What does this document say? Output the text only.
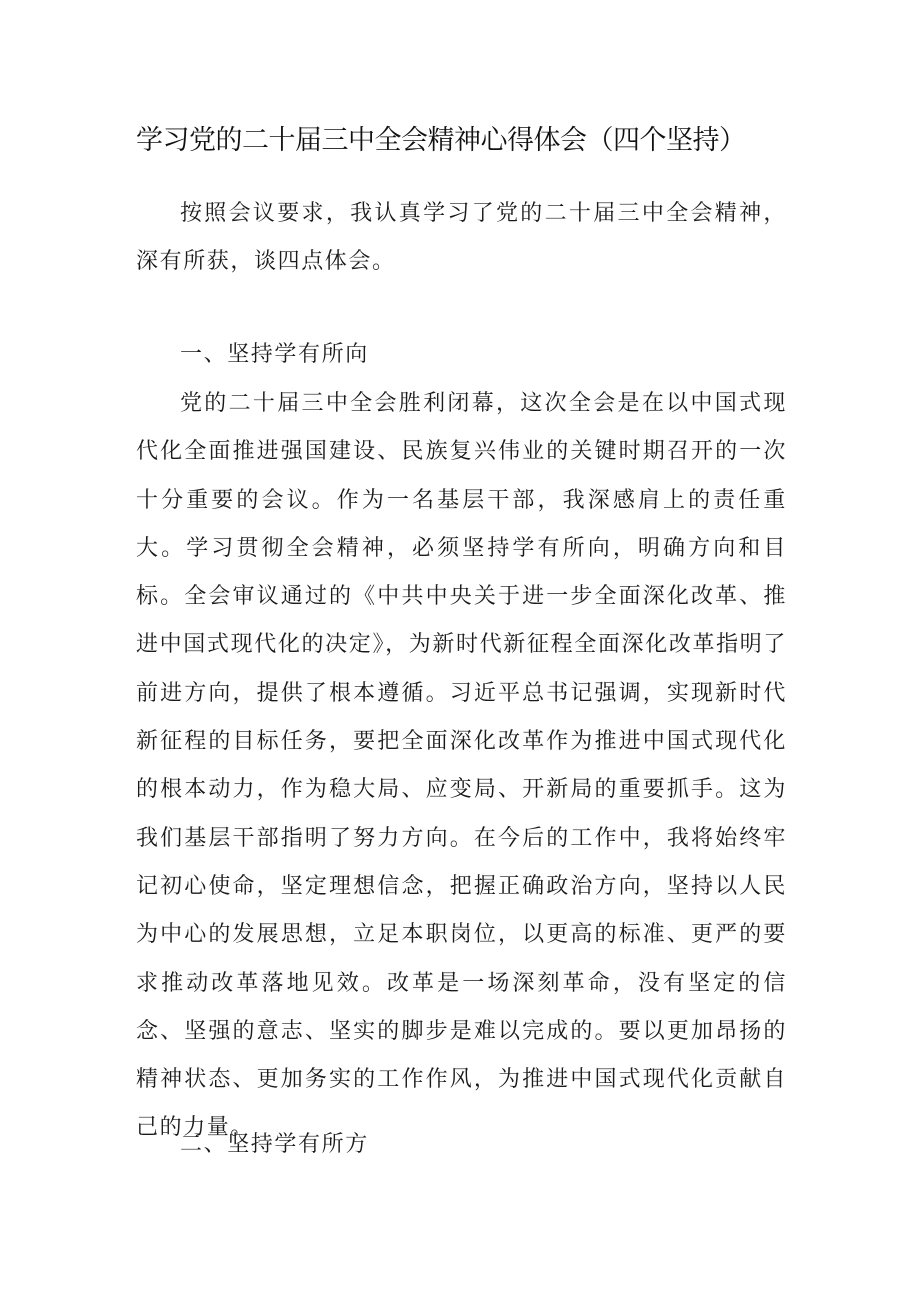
学习党的二十届三中全会精神心得体会（四个坚持）

按照会议要求，我认真学习了党的二十届三中全会精神，深有所获，谈四点体会。

一、坚持学有所向

党的二十届三中全会胜利闭幕，这次全会是在以中国式现代化全面推进强国建设、民族复兴伟业的关键时期召开的一次十分重要的会议。作为一名基层干部，我深感肩上的责任重大。学习贯彻全会精神，必须坚持学有所向，明确方向和目标。全会审议通过的《中共中央关于进一步全面深化改革、推进中国式现代化的决定》，为新时代新征程全面深化改革指明了前进方向，提供了根本遵循。习近平总书记强调，实现新时代新征程的目标任务，要把全面深化改革作为推进中国式现代化的根本动力，作为稳大局、应变局、开新局的重要抓手。这为我们基层干部指明了努力方向。在今后的工作中，我将始终牢记初心使命，坚定理想信念，把握正确政治方向，坚持以人民为中心的发展思想，立足本职岗位，以更高的标准、更严的要求推动改革落地见效。改革是一场深刻革命，没有坚定的信念、坚强的意志、坚实的脚步是难以完成的。要以更加昂扬的精神状态、更加务实的工作作风，为推进中国式现代化贡献自己的力量。

二、坚持学有所方
